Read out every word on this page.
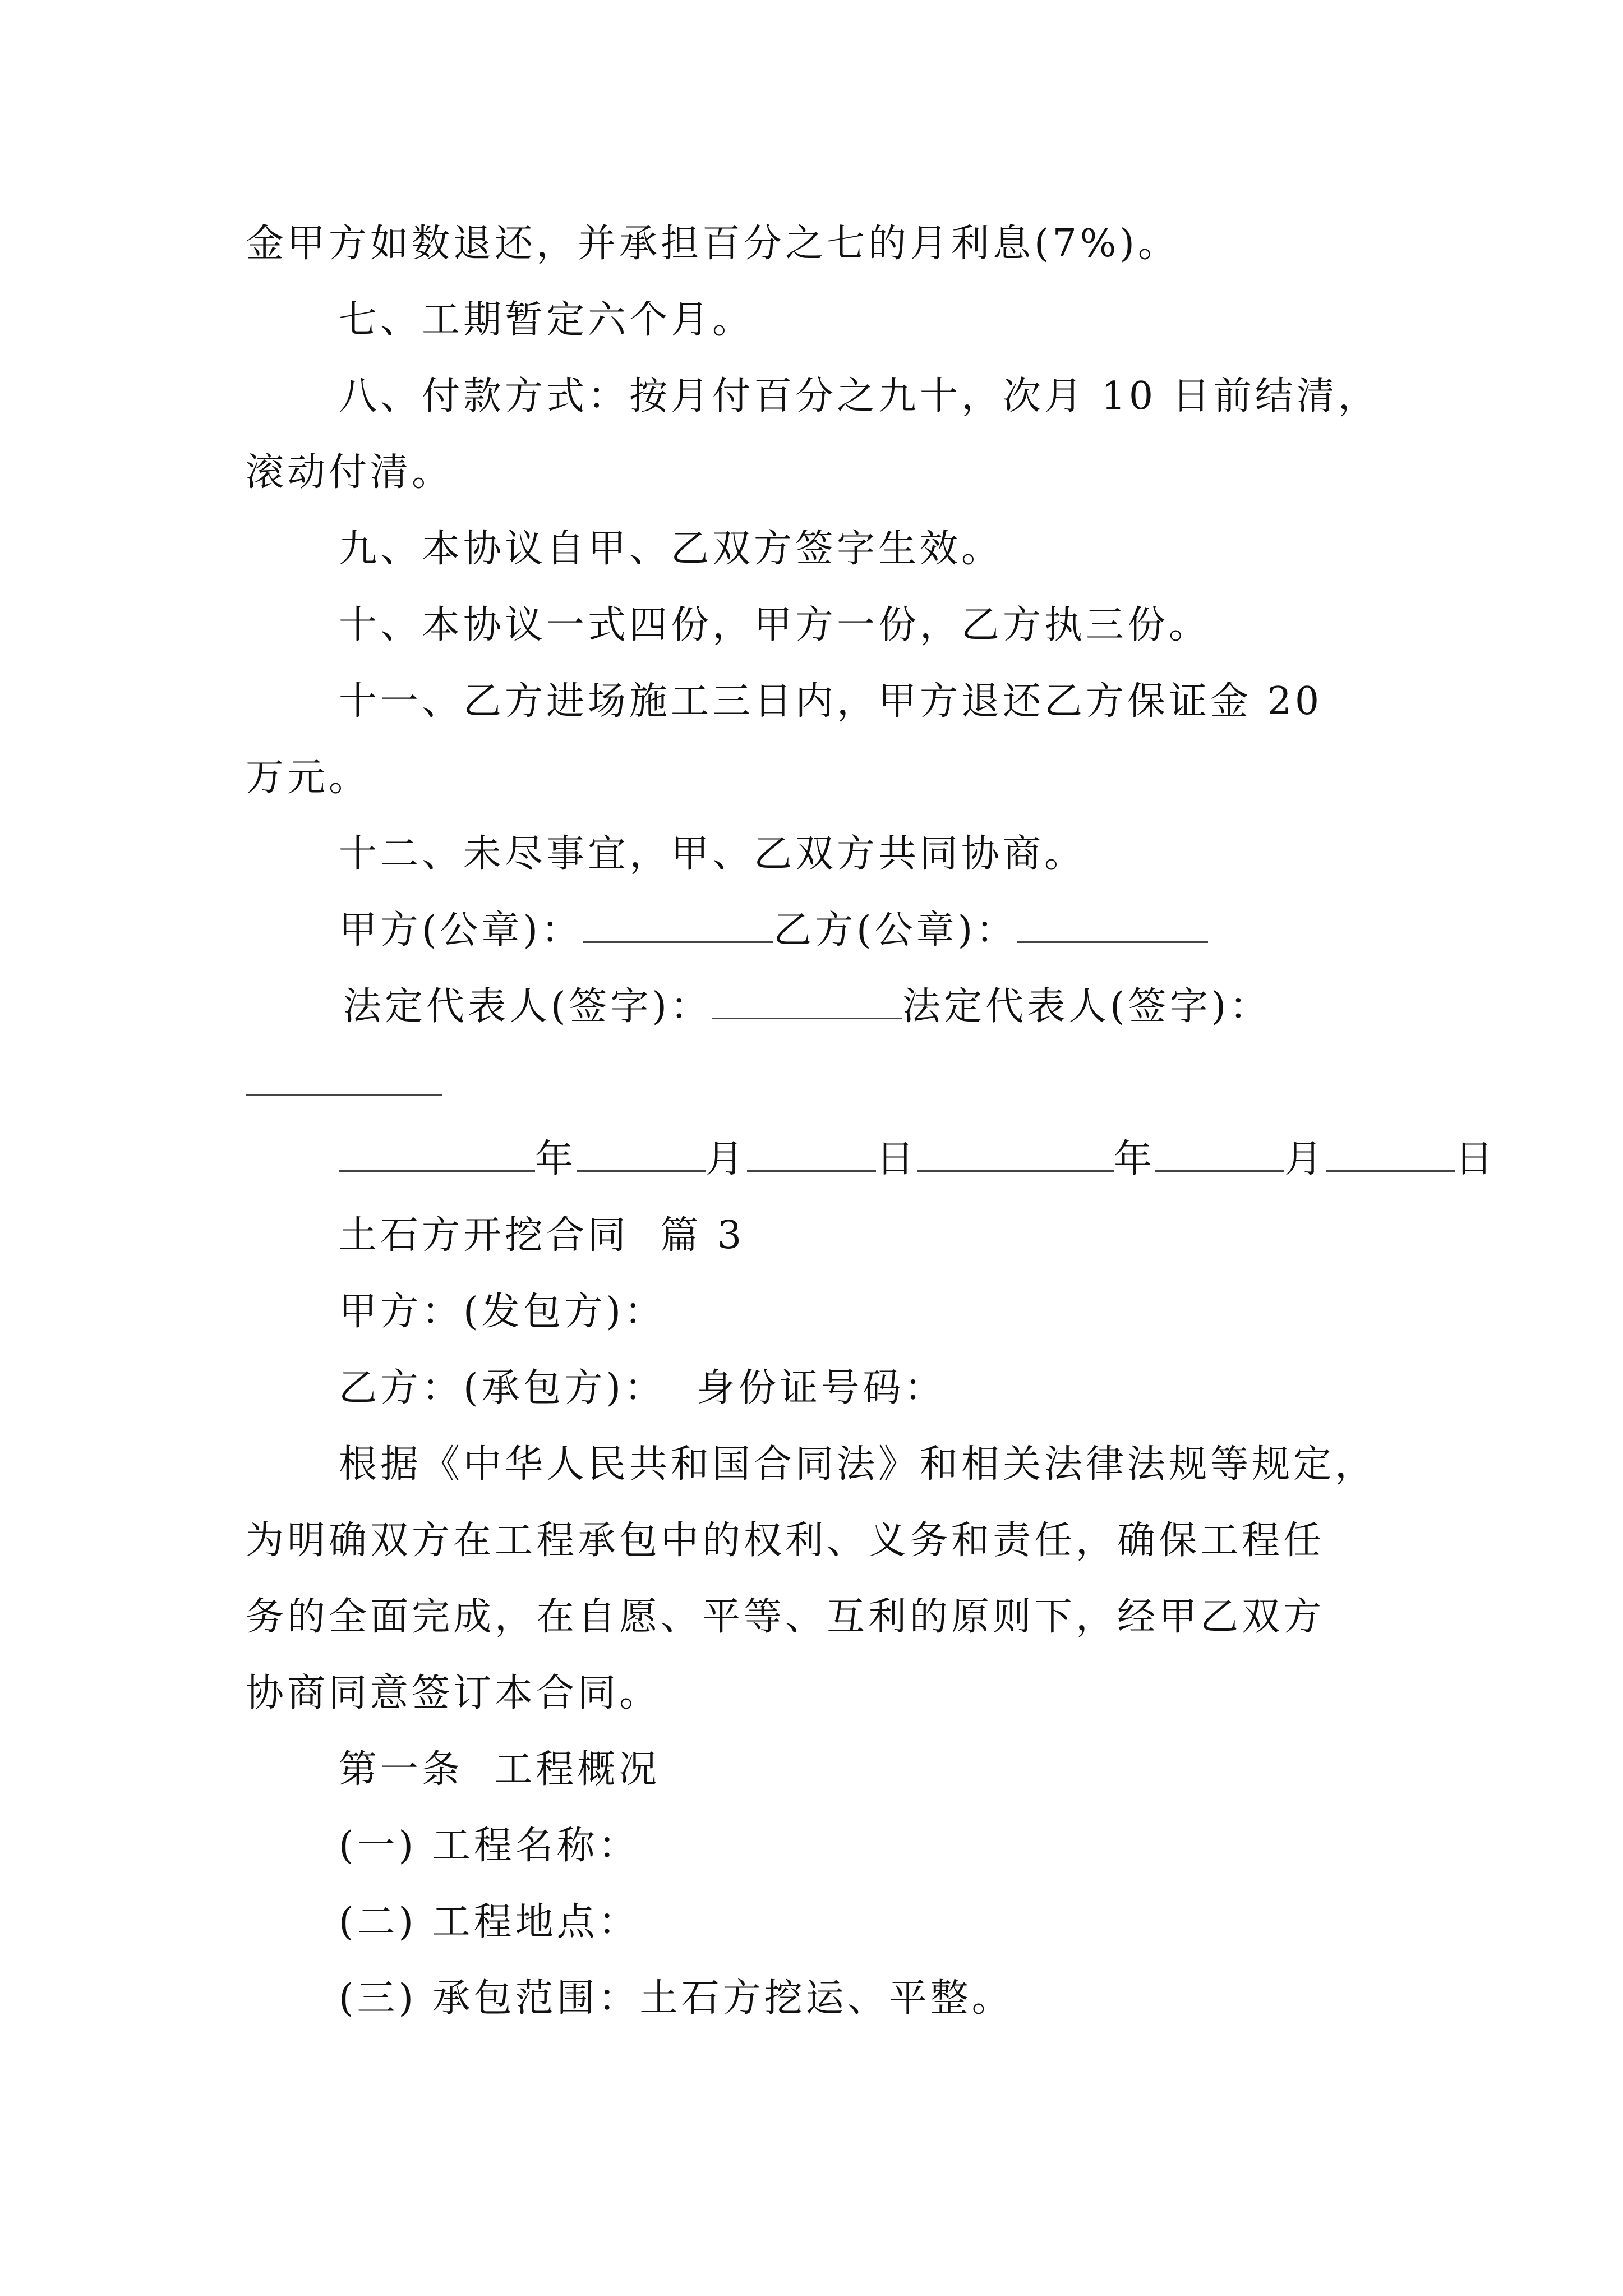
金甲方如数退还，并承担百分之七的月利息(7%)。
七、工期暂定六个月。
八、付款方式：按月付百分之九十，次月 10 日前结清，
滚动付清。
九、本协议自甲、乙双方签字生效。
十、本协议一式四份，甲方一份，乙方执三份。
十一、乙方进场施工三日内，甲方退还乙方保证金 20
万元。
十二、未尽事宜，甲、乙双方共同协商。
甲方(公章)：	乙方(公章)：
法定代表人(签字)：	法定代表人(签字)：
年	月	日	年	月	日
土石方开挖合同  篇 3
甲方：(发包方)：
乙方：(承包方)： 身份证号码：
根据《中华人民共和国合同法》和相关法律法规等规定，
为明确双方在工程承包中的权利、义务和责任，确保工程任
务的全面完成，在自愿、平等、互利的原则下，经甲乙双方
协商同意签订本合同。
第一条  工程概况
(一) 工程名称：
(二) 工程地点：
(三) 承包范围：土石方挖运、平整。
